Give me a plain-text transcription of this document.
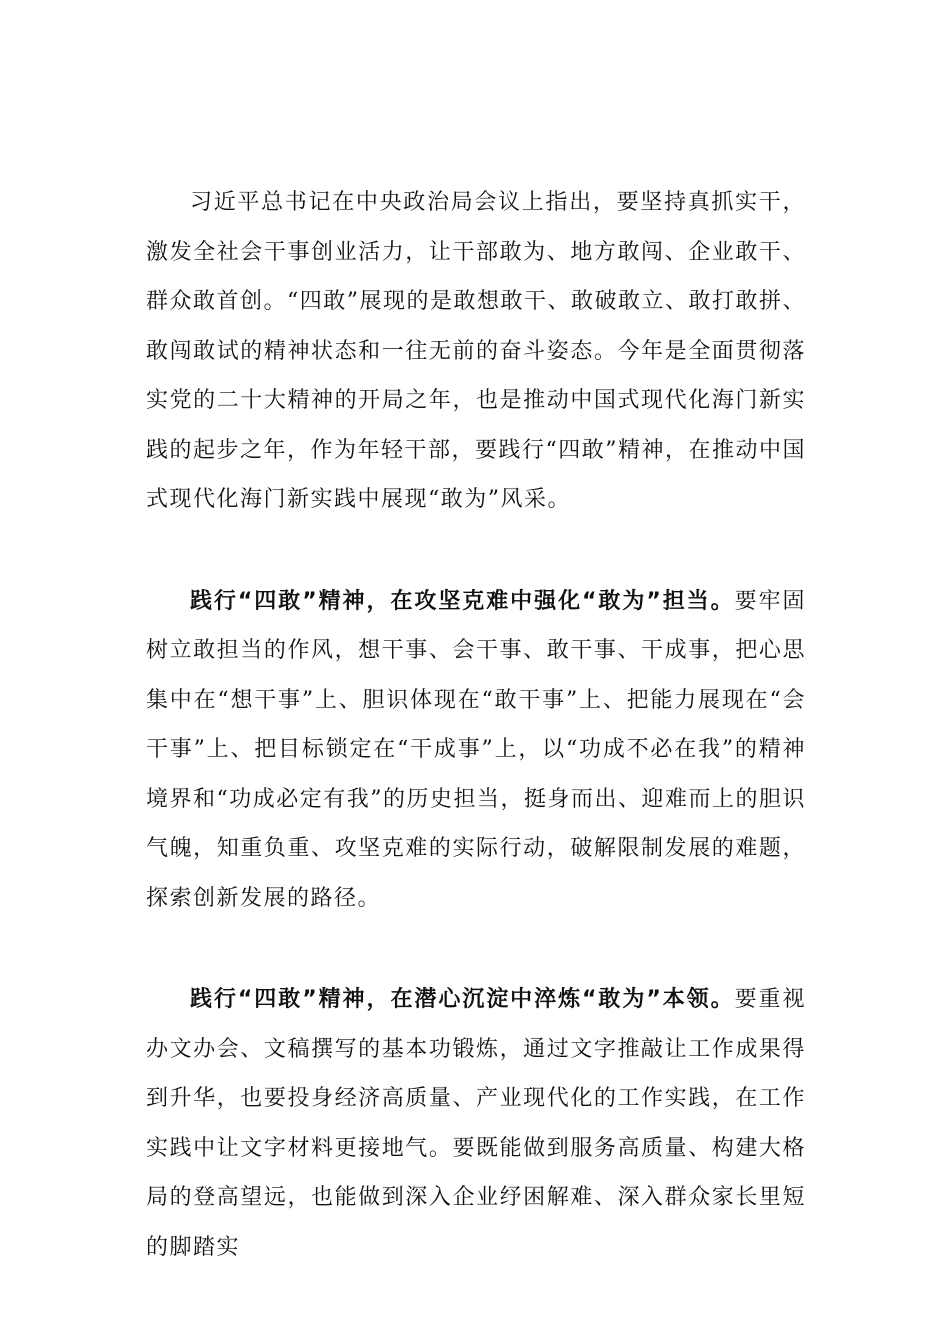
习近平总书记在中央政治局会议上指出，要坚持真抓实干，激发全社会干事创业活力，让干部敢为、地方敢闯、企业敢干、群众敢首创。“四敢”展现的是敢想敢干、敢破敢立、敢打敢拼、敢闯敢试的精神状态和一往无前的奋斗姿态。今年是全面贯彻落实党的二十大精神的开局之年，也是推动中国式现代化海门新实践的起步之年，作为年轻干部，要践行“四敢”精神，在推动中国式现代化海门新实践中展现“敢为”风采。

践行“四敢”精神，在攻坚克难中强化“敢为”担当。要牢固树立敢担当的作风，想干事、会干事、敢干事、干成事，把心思集中在“想干事”上、胆识体现在“敢干事”上、把能力展现在“会干事”上、把目标锁定在“干成事”上，以“功成不必在我”的精神境界和“功成必定有我”的历史担当，挺身而出、迎难而上的胆识气魄，知重负重、攻坚克难的实际行动，破解限制发展的难题，探索创新发展的路径。

践行“四敢”精神，在潜心沉淀中淬炼“敢为”本领。要重视办文办会、文稿撰写的基本功锻炼，通过文字推敲让工作成果得到升华，也要投身经济高质量、产业现代化的工作实践，在工作实践中让文字材料更接地气。要既能做到服务高质量、构建大格局的登高望远，也能做到深入企业纾困解难、深入群众家长里短的脚踏实
